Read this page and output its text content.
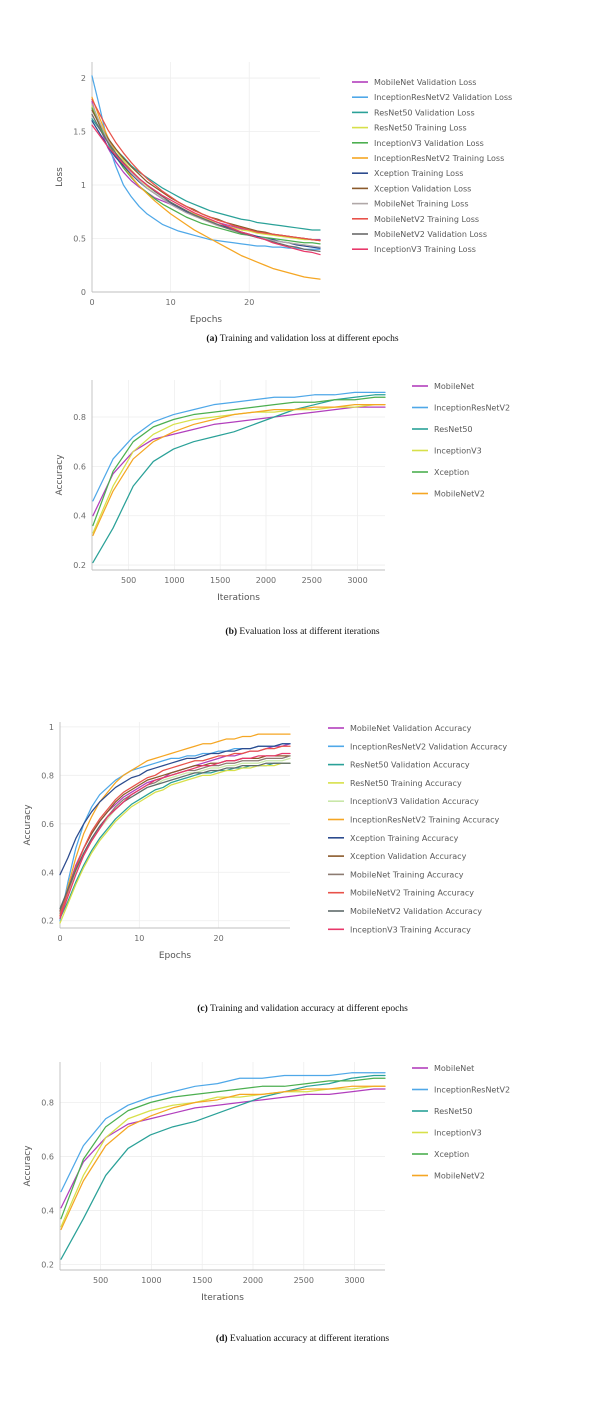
0
0.5
1
1.5
2
0	10	20
Epochs
Loss
MobileNet Validation Loss
InceptionResNetV2 Validation Loss
ResNet50 Validation Loss
ResNet50 Training Loss
InceptionV3 Validation Loss
InceptionResNetV2 Training Loss
Xception Training Loss
Xception Validation Loss
MobileNet Training Loss
MobileNetV2 Training Loss
MobileNetV2 Validation Loss
InceptionV3 Training Loss
(a) Training and validation loss at different epochs
0.2
0.4
0.6
0.8
500	1000	1500	2000	2500	3000
Iterations
Accuracy
MobileNet
InceptionResNetV2
ResNet50
InceptionV3
Xception
MobileNetV2
(b) Evaluation loss at different iterations
0.2
0.4
0.6
0.8
1
0	10	20
Epochs
Accuracy
MobileNet Validation Accuracy
InceptionResNetV2 Validation Accuracy
ResNet50 Validation Accuracy
ResNet50 Training Accuracy
InceptionV3 Validation Accuracy
InceptionResNetV2 Training Accuracy
Xception Training Accuracy
Xception Validation Accuracy
MobileNet Training Accuracy
MobileNetV2 Training Accuracy
MobileNetV2 Validation Accuracy
InceptionV3 Training Accuracy
(c) Training and validation accuracy at different epochs
0.2
0.4
0.6
0.8
500	1000	1500	2000	2500	3000
Iterations
Accuracy
MobileNet
InceptionResNetV2
ResNet50
InceptionV3
Xception
MobileNetV2
(d) Evaluation accuracy at different iterations
